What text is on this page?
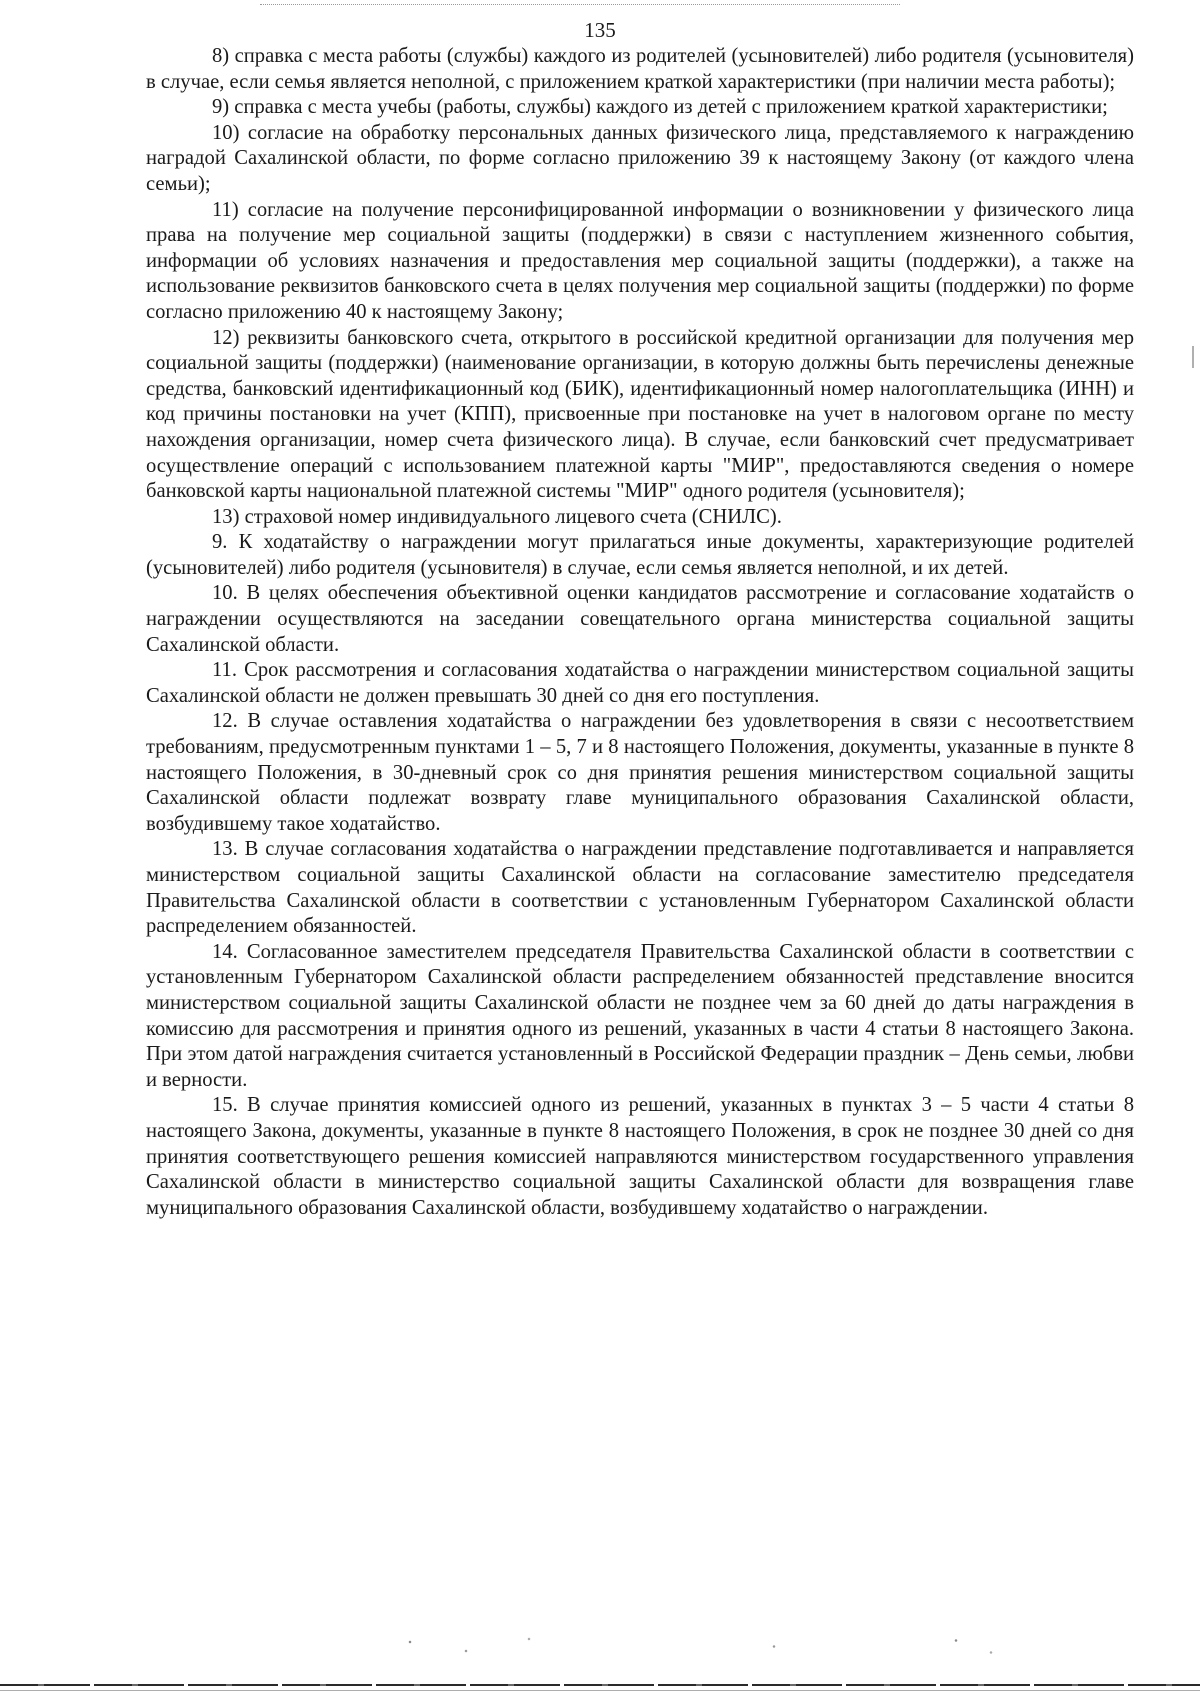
135

8) справка с места работы (службы) каждого из родителей (усыновителей) либо родителя (усыновителя) в случае, если семья является неполной, с приложением краткой характеристики (при наличии места работы);

9) справка с места учебы (работы, службы) каждого из детей с приложением краткой характеристики;

10) согласие на обработку персональных данных физического лица, представляемого к награждению наградой Сахалинской области, по форме согласно приложению 39 к настоящему Закону (от каждого члена семьи);

11) согласие на получение персонифицированной информации о возникновении у физического лица права на получение мер социальной защиты (поддержки) в связи с наступлением жизненного события, информации об условиях назначения и предоставления мер социальной защиты (поддержки), а также на использование реквизитов банковского счета в целях получения мер социальной защиты (поддержки) по форме согласно приложению 40 к настоящему Закону;

12) реквизиты банковского счета, открытого в российской кредитной организации для получения мер социальной защиты (поддержки) (наименование организации, в которую должны быть перечислены денежные средства, банковский идентификационный код (БИК), идентификационный номер налогоплательщика (ИНН) и код причины постановки на учет (КПП), присвоенные при постановке на учет в налоговом органе по месту нахождения организации, номер счета физического лица). В случае, если банковский счет предусматривает осуществление операций с использованием платежной карты "МИР", предоставляются сведения о номере банковской карты национальной платежной системы "МИР" одного родителя (усыновителя);

13) страховой номер индивидуального лицевого счета (СНИЛС).

9. К ходатайству о награждении могут прилагаться иные документы, характеризующие родителей (усыновителей) либо родителя (усыновителя) в случае, если семья является неполной, и их детей.

10. В целях обеспечения объективной оценки кандидатов рассмотрение и согласование ходатайств о награждении осуществляются на заседании совещательного органа министерства социальной защиты Сахалинской области.

11. Срок рассмотрения и согласования ходатайства о награждении министерством социальной защиты Сахалинской области не должен превышать 30 дней со дня его поступления.

12. В случае оставления ходатайства о награждении без удовлетворения в связи с несоответствием требованиям, предусмотренным пунктами 1 – 5, 7 и 8 настоящего Положения, документы, указанные в пункте 8 настоящего Положения, в 30-дневный срок со дня принятия решения министерством социальной защиты Сахалинской области подлежат возврату главе муниципального образования Сахалинской области, возбудившему такое ходатайство.

13. В случае согласования ходатайства о награждении представление подготавливается и направляется министерством социальной защиты Сахалинской области на согласование заместителю председателя Правительства Сахалинской области в соответствии с установленным Губернатором Сахалинской области распределением обязанностей.

14. Согласованное заместителем председателя Правительства Сахалинской области в соответствии с установленным Губернатором Сахалинской области распределением обязанностей представление вносится министерством социальной защиты Сахалинской области не позднее чем за 60 дней до даты награждения в комиссию для рассмотрения и принятия одного из решений, указанных в части 4 статьи 8 настоящего Закона. При этом датой награждения считается установленный в Российской Федерации праздник – День семьи, любви и верности.

15. В случае принятия комиссией одного из решений, указанных в пунктах 3 – 5 части 4 статьи 8 настоящего Закона, документы, указанные в пункте 8 настоящего Положения, в срок не позднее 30 дней со дня принятия соответствующего решения комиссией направляются министерством государственного управления Сахалинской области в министерство социальной защиты Сахалинской области для возвращения главе муниципального образования Сахалинской области, возбудившему ходатайство о награждении.
